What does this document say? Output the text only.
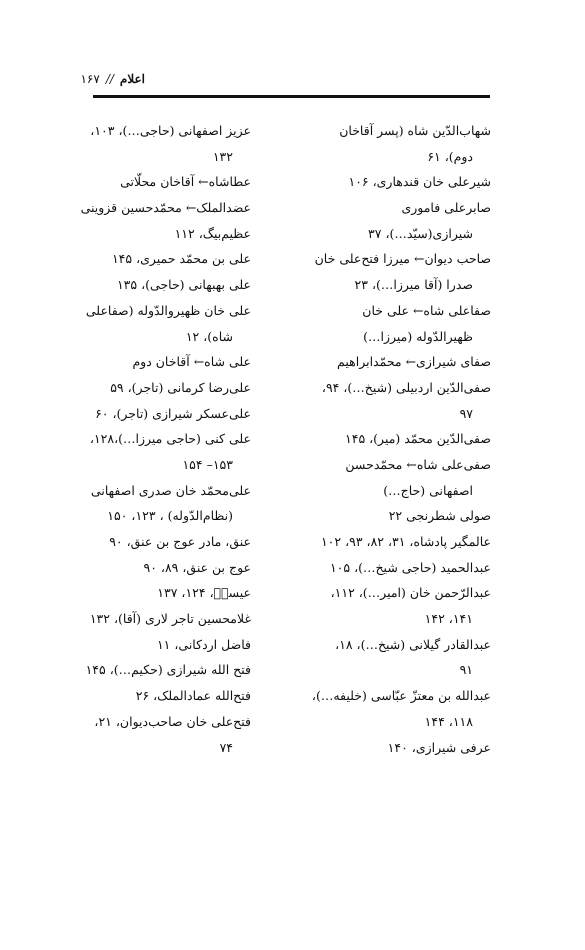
اعلام//۱۶۷
شهاب‌الدّین شاه (پسر آقاخان
دوم)، ۶۱
شیرعلی خان قندهاری، ۱۰۶
صابرعلی فاموری
شیرازی(سیّد…)، ۳۷
صاحب دیوان← میرزا فتح‌علی خان
صدرا (آقا میرزا…)، ۲۳
صفاعلی شاه← علی خان
ظهیرالدّوله (میرزا…)
صفای شیرازی← محمّدابراهیم
صفی‌الدّین اردبیلی (شیخ…)، ۹۴،
۹۷
صفی‌الدّین محمّد (میر)، ۱۴۵
صفی‌علی شاه← محمّدحسن
اصفهانی (حاج…)
صولی شطرنجی ۲۲
عالمگیر پادشاه، ۳۱، ۸۲، ۹۳، ۱۰۲
عبدالحمید (حاجی شیخ…)، ۱۰۵
عبدالرّحمن خان (امیر…)، ۱۱۲،
۱۴۱، ۱۴۲
عبدالقادر گیلانی (شیخ…)، ۱۸،
۹۱
عبدالله بن معتزّ عبّاسی (خلیفه…)،
۱۱۸، ۱۴۴
عرفی شیرازی، ۱۴۰
عزیز اصفهانی (حاجی…)، ۱۰۳،
۱۳۲
عطاشاه← آقاخان محلّاتی
عضدالملک← محمّدحسین قزوینی
عظیم‌بیگ، ۱۱۲
علی بن محمّد حمیری، ۱۴۵
علی بهبهانی (حاجی)، ۱۳۵
علی خان ظهیروالدّوله (صفاعلی
شاه)، ۱۲
علی شاه← آقاخان دوم
علی‌رضا کرمانی (تاجر)، ۵۹
علی‌عسکر شیرازی (تاجر)، ۶۰
علی کنی (حاجی میرزا…)،۱۲۸،
۱۵۳– ۱۵۴
علی‌محمّد خان صدری اصفهانی
(نظام‌الدّوله) ، ۱۲۳، ۱۵۰
عنق، مادر عوج بن عنق، ۹۰
عوج بن عنق، ۸۹، ۹۰
عیسیؑ، ۱۲۴، ۱۳۷
غلامحسین تاجر لاری (آقا)، ۱۳۲
فاضل اردکانی، ۱۱
فتح الله شیرازی (حکیم…)، ۱۴۵
فتح‌الله عمادالملک، ۲۶
فتح‌علی خان صاحب‌دیوان، ۲۱،
۷۴
